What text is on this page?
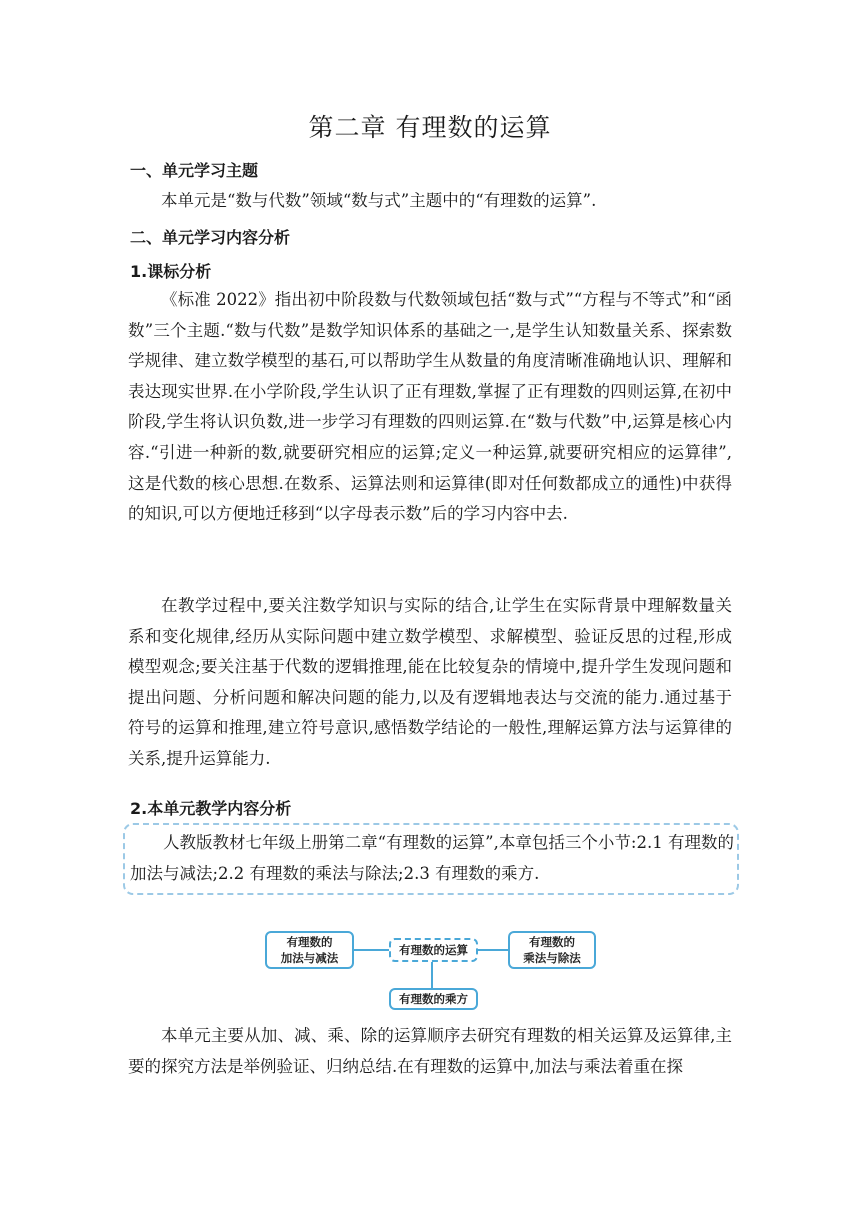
第二章 有理数的运算
一、单元学习主题

本单元是“数与代数”领域“数与式”主题中的“有理数的运算”.

二、单元学习内容分析
1.课标分析

《标准 2022》指出初中阶段数与代数领域包括“数与式”“方程与不等式”和“函数”三个主题.“数与代数”是数学知识体系的基础之一,是学生认知数量关系、探索数学规律、建立数学模型的基石,可以帮助学生从数量的角度清晰准确地认识、理解和表达现实世界.在小学阶段,学生认识了正有理数,掌握了正有理数的四则运算,在初中阶段,学生将认识负数,进一步学习有理数的四则运算.在“数与代数”中,运算是核心内容.“引进一种新的数,就要研究相应的运算;定义一种运算,就要研究相应的运算律”,这是代数的核心思想.在数系、运算法则和运算律(即对任何数都成立的通性)中获得的知识,可以方便地迁移到“以字母表示数”后的学习内容中去.

在教学过程中,要关注数学知识与实际的结合,让学生在实际背景中理解数量关系和变化规律,经历从实际问题中建立数学模型、求解模型、验证反思的过程,形成模型观念;要关注基于代数的逻辑推理,能在比较复杂的情境中,提升学生发现问题和提出问题、分析问题和解决问题的能力,以及有逻辑地表达与交流的能力.通过基于符号的运算和推理,建立符号意识,感悟数学结论的一般性,理解运算方法与运算律的关系,提升运算能力.

2.本单元教学内容分析

人教版教材七年级上册第二章“有理数的运算”,本章包括三个小节:2.1 有理数的加法与减法;2.2 有理数的乘法与除法;2.3 有理数的乘方.

有理数的
加法与减法
有理数的运算
有理数的
乘法与除法
有理数的乘方

本单元主要从加、减、乘、除的运算顺序去研究有理数的相关运算及运算律,主要的探究方法是举例验证、归纳总结.在有理数的运算中,加法与乘法着重在探
